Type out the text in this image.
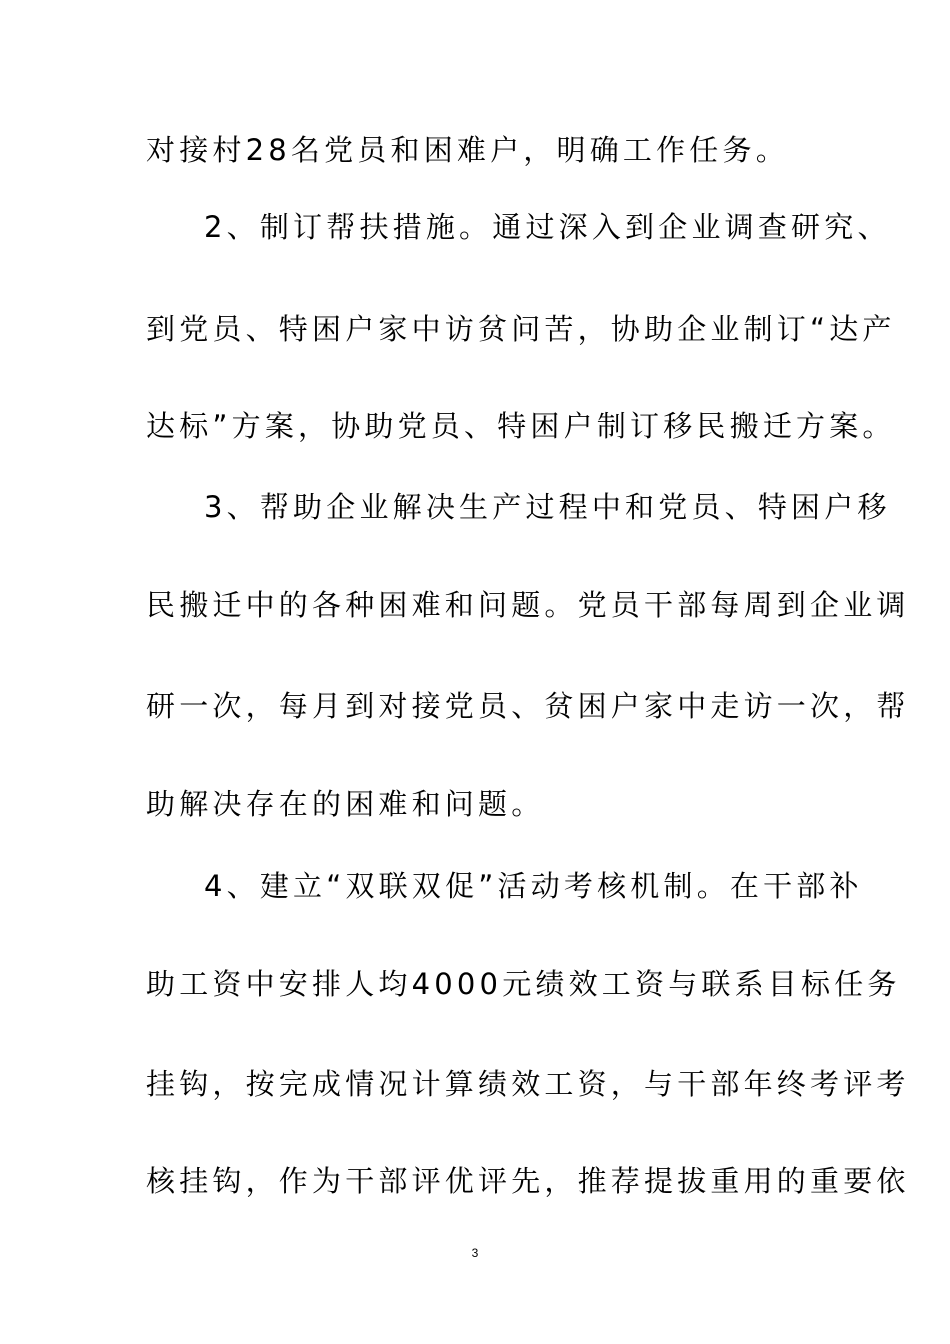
对接村28名党员和困难户，明确工作任务。
2、制订帮扶措施。通过深入到企业调查研究、
到党员、特困户家中访贫问苦，协助企业制订“达产
达标”方案，协助党员、特困户制订移民搬迁方案。
3、帮助企业解决生产过程中和党员、特困户移
民搬迁中的各种困难和问题。党员干部每周到企业调
研一次，每月到对接党员、贫困户家中走访一次，帮
助解决存在的困难和问题。
4、建立“双联双促”活动考核机制。在干部补
助工资中安排人均4000元绩效工资与联系目标任务
挂钩，按完成情况计算绩效工资，与干部年终考评考
核挂钩，作为干部评优评先，推荐提拔重用的重要依
3
